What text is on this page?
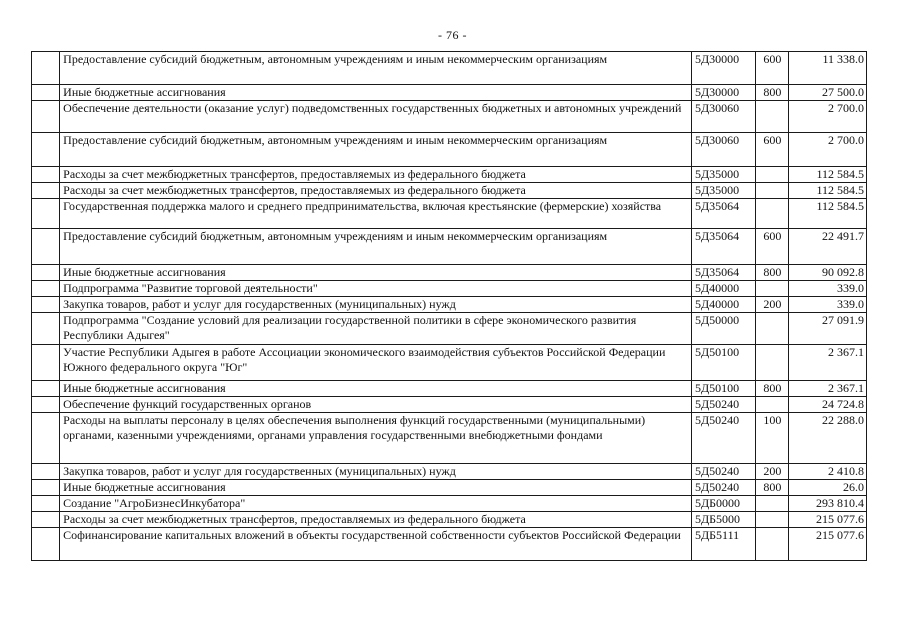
- 76 -
	Предоставление субсидий бюджетным, автономным учреждениям и иным некоммерческим организациям	5Д30000	600	11 338.0
	Иные бюджетные ассигнования	5Д30000	800	27 500.0
	Обеспечение деятельности (оказание услуг) подведомственных государственных бюджетных и автономных учреждений	5Д30060		2 700.0
	Предоставление субсидий бюджетным, автономным учреждениям и иным некоммерческим организациям	5Д30060	600	2 700.0
	Расходы за счет межбюджетных трансфертов, предоставляемых из федерального бюджета	5Д35000		112 584.5
	Расходы за счет межбюджетных трансфертов, предоставляемых из федерального бюджета	5Д35000		112 584.5
	Государственная поддержка малого и среднего предпринимательства, включая крестьянские (фермерские) хозяйства	5Д35064		112 584.5
	Предоставление субсидий бюджетным, автономным учреждениям и иным некоммерческим организациям	5Д35064	600	22 491.7
	Иные бюджетные ассигнования	5Д35064	800	90 092.8
	Подпрограмма "Развитие торговой деятельности"	5Д40000		339.0
	Закупка товаров, работ и услуг для государственных (муниципальных) нужд	5Д40000	200	339.0
	Подпрограмма "Создание условий для реализации государственной политики в сфере экономического развития Республики Адыгея"	5Д50000		27 091.9
	Участие Республики Адыгея в работе Ассоциации экономического взаимодействия субъектов Российской Федерации Южного федерального округа "Юг"	5Д50100		2 367.1
	Иные бюджетные ассигнования	5Д50100	800	2 367.1
	Обеспечение функций государственных органов	5Д50240		24 724.8
	Расходы на выплаты персоналу в целях обеспечения выполнения функций государственными (муниципальными) органами, казенными учреждениями, органами управления государственными внебюджетными фондами	5Д50240	100	22 288.0
	Закупка товаров, работ и услуг для государственных (муниципальных) нужд	5Д50240	200	2 410.8
	Иные бюджетные ассигнования	5Д50240	800	26.0
	Создание "АгроБизнесИнкубатора"	5ДБ0000		293 810.4
	Расходы за счет межбюджетных трансфертов, предоставляемых из федерального бюджета	5ДБ5000		215 077.6
	Софинансирование капитальных вложений в объекты государственной собственности субъектов Российской Федерации	5ДБ5111		215 077.6
